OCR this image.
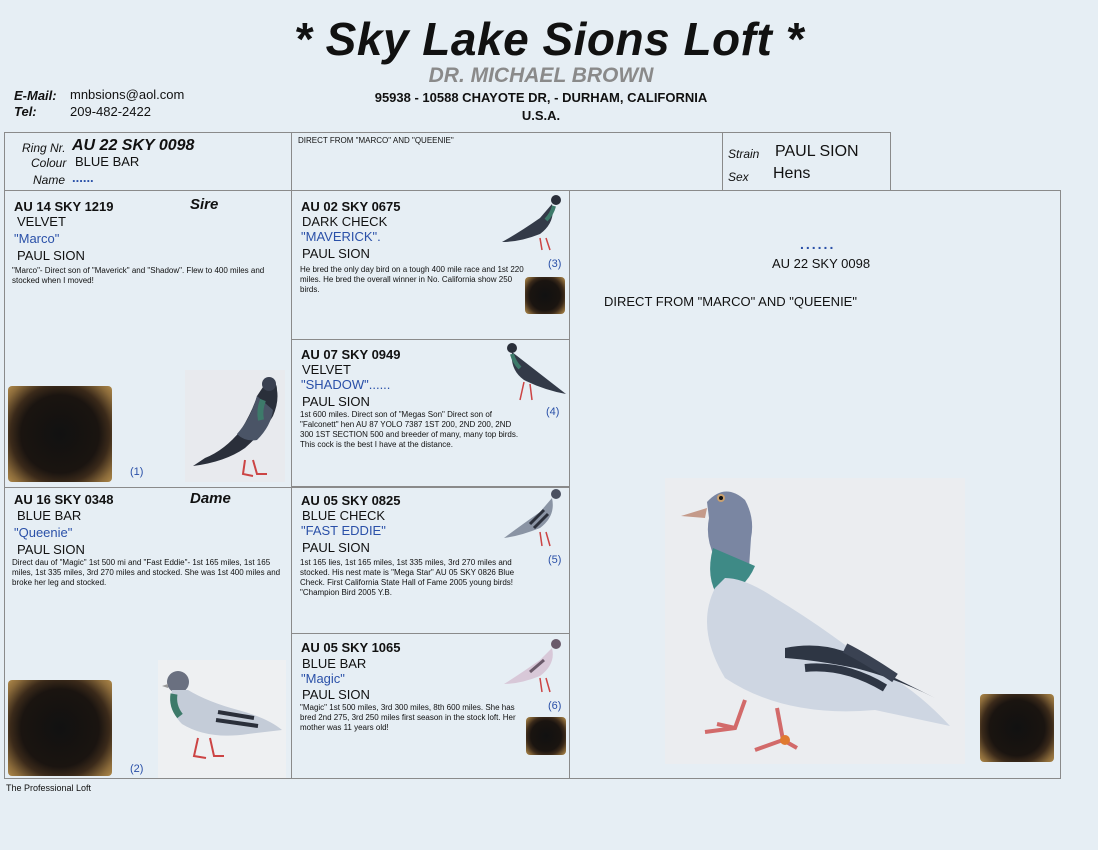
* Sky Lake Sions Loft *
DR. MICHAEL BROWN
95938 - 10588 CHAYOTE DR, - DURHAM, CALIFORNIA
U.S.A.
E-Mail: mnbsions@aol.com
Tel:	209-482-2422
Ring Nr. AU 22 SKY 0098
Colour BLUE BAR
Name ......
DIRECT FROM "MARCO" AND "QUEENIE"
Strain PAUL SION
Sex Hens
AU 14 SKY 1219	Sire
VELVET
"Marco"
PAUL SION
"Marco"- Direct son of "Maverick" and "Shadow". Flew to 400 miles and stocked when I moved!
(1)
AU 16 SKY 0348	Dame
BLUE BAR
"Queenie"
PAUL SION
Direct dau of "Magic" 1st 500 mi and "Fast Eddie"- 1st 165 miles, 1st 165 miles, 1st 335 miles, 3rd 270 miles and stocked. She was 1st 400 miles and broke her leg and stocked.
(2)
AU 02 SKY 0675
DARK CHECK
"MAVERICK".
PAUL SION
He bred the only day bird on a tough 400 mile race and 1st 220 miles. He bred the overall winner in No. California show 250 birds.
(3)
AU 07 SKY 0949
VELVET
"SHADOW"......
PAUL SION
1st 600 miles. Direct son of "Megas Son" Direct son of "Falconett" hen AU 87 YOLO 7387 1ST 200, 2ND 200, 2ND 300 1ST SECTION 500 and breeder of many, many top birds. This cock is the best I have at the distance.
(4)
AU 05 SKY 0825
BLUE CHECK
"FAST EDDIE"
PAUL SION
1st 165 lies, 1st 165 miles, 1st 335 miles, 3rd 270 miles and stocked. His nest mate is "Mega Star" AU 05 SKY 0826 Blue Check. First California State Hall of Fame 2005 young birds! "Champion Bird 2005 Y.B.
(5)
AU 05 SKY 1065
BLUE BAR
"Magic"
PAUL SION
"Magic" 1st 500 miles, 3rd 300 miles, 8th 600 miles. She has bred 2nd 275, 3rd 250 miles first season in the stock loft. Her mother was 11 years old!
(6)
......
AU 22 SKY 0098
DIRECT FROM "MARCO" AND "QUEENIE"
The Professional Loft
